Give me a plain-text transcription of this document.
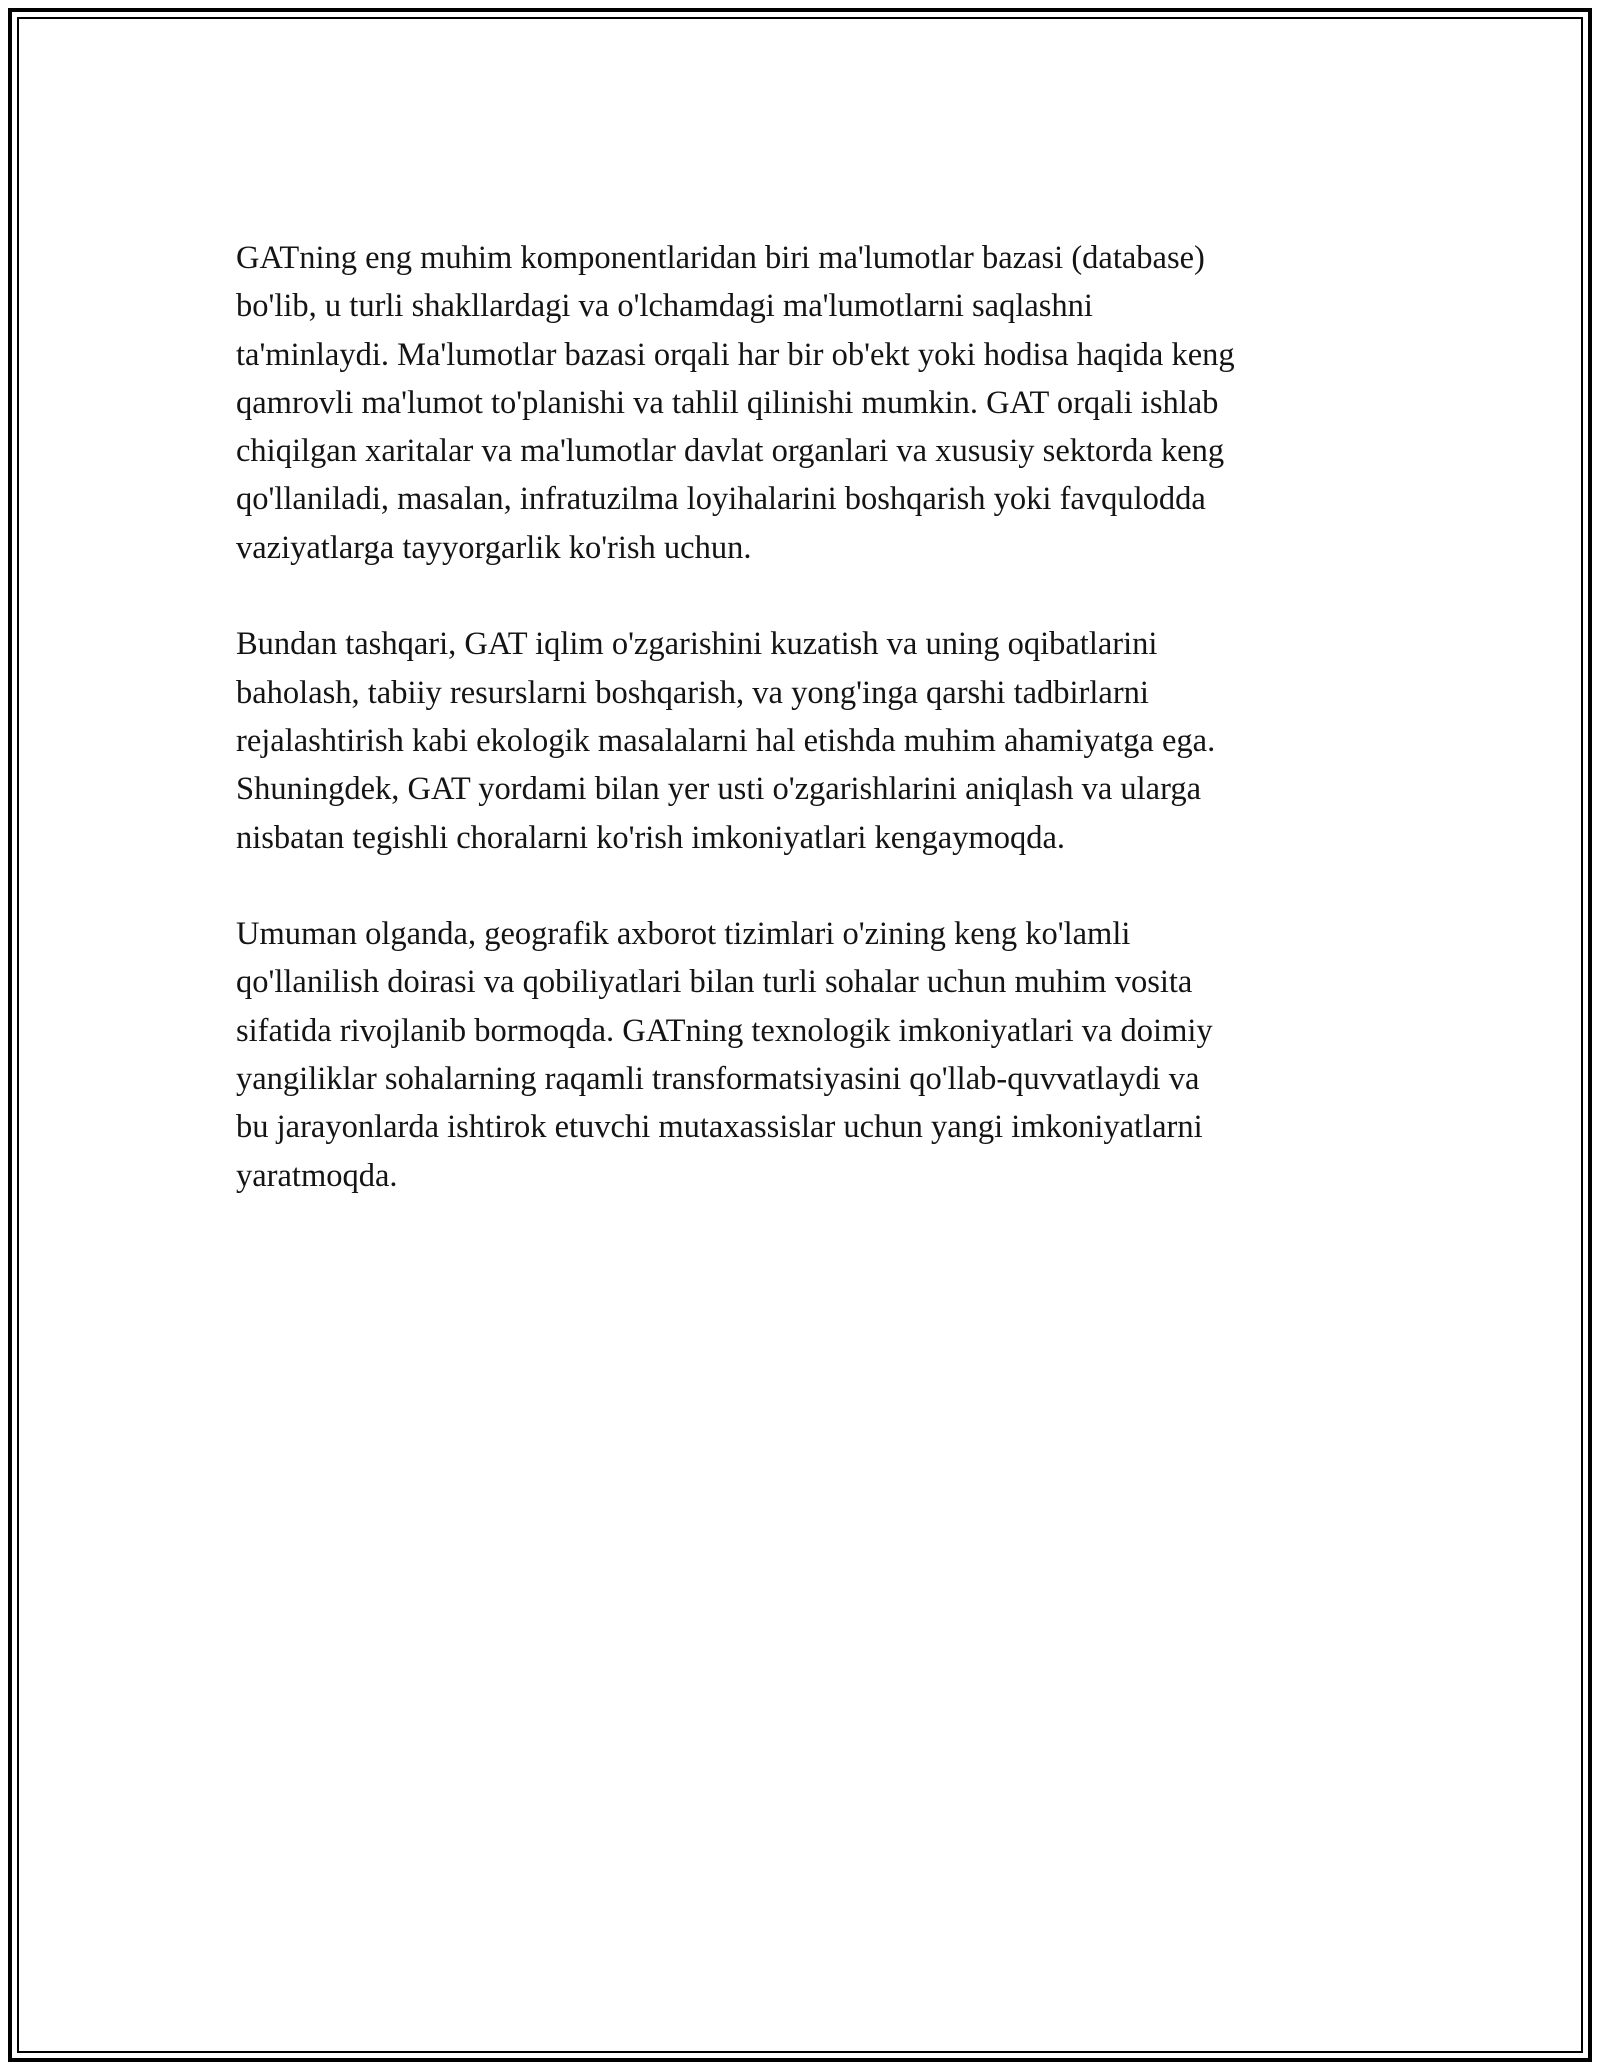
GATning eng muhim komponentlaridan biri ma'lumotlar bazasi (database)
bo'lib, u turli shakllardagi va o'lchamdagi ma'lumotlarni saqlashni
ta'minlaydi. Ma'lumotlar bazasi orqali har bir ob'ekt yoki hodisa haqida keng
qamrovli ma'lumot to'planishi va tahlil qilinishi mumkin. GAT orqali ishlab
chiqilgan xaritalar va ma'lumotlar davlat organlari va xususiy sektorda keng
qo'llaniladi, masalan, infratuzilma loyihalarini boshqarish yoki favqulodda
vaziyatlarga tayyorgarlik ko'rish uchun.

Bundan tashqari, GAT iqlim o'zgarishini kuzatish va uning oqibatlarini
baholash, tabiiy resurslarni boshqarish, va yong'inga qarshi tadbirlarni
rejalashtirish kabi ekologik masalalarni hal etishda muhim ahamiyatga ega.
Shuningdek, GAT yordami bilan yer usti o'zgarishlarini aniqlash va ularga
nisbatan tegishli choralarni ko'rish imkoniyatlari kengaymoqda.

Umuman olganda, geografik axborot tizimlari o'zining keng ko'lamli
qo'llanilish doirasi va qobiliyatlari bilan turli sohalar uchun muhim vosita
sifatida rivojlanib bormoqda. GATning texnologik imkoniyatlari va doimiy
yangiliklar sohalarning raqamli transformatsiyasini qo'llab-quvvatlaydi va
bu jarayonlarda ishtirok etuvchi mutaxassislar uchun yangi imkoniyatlarni
yaratmoqda.
